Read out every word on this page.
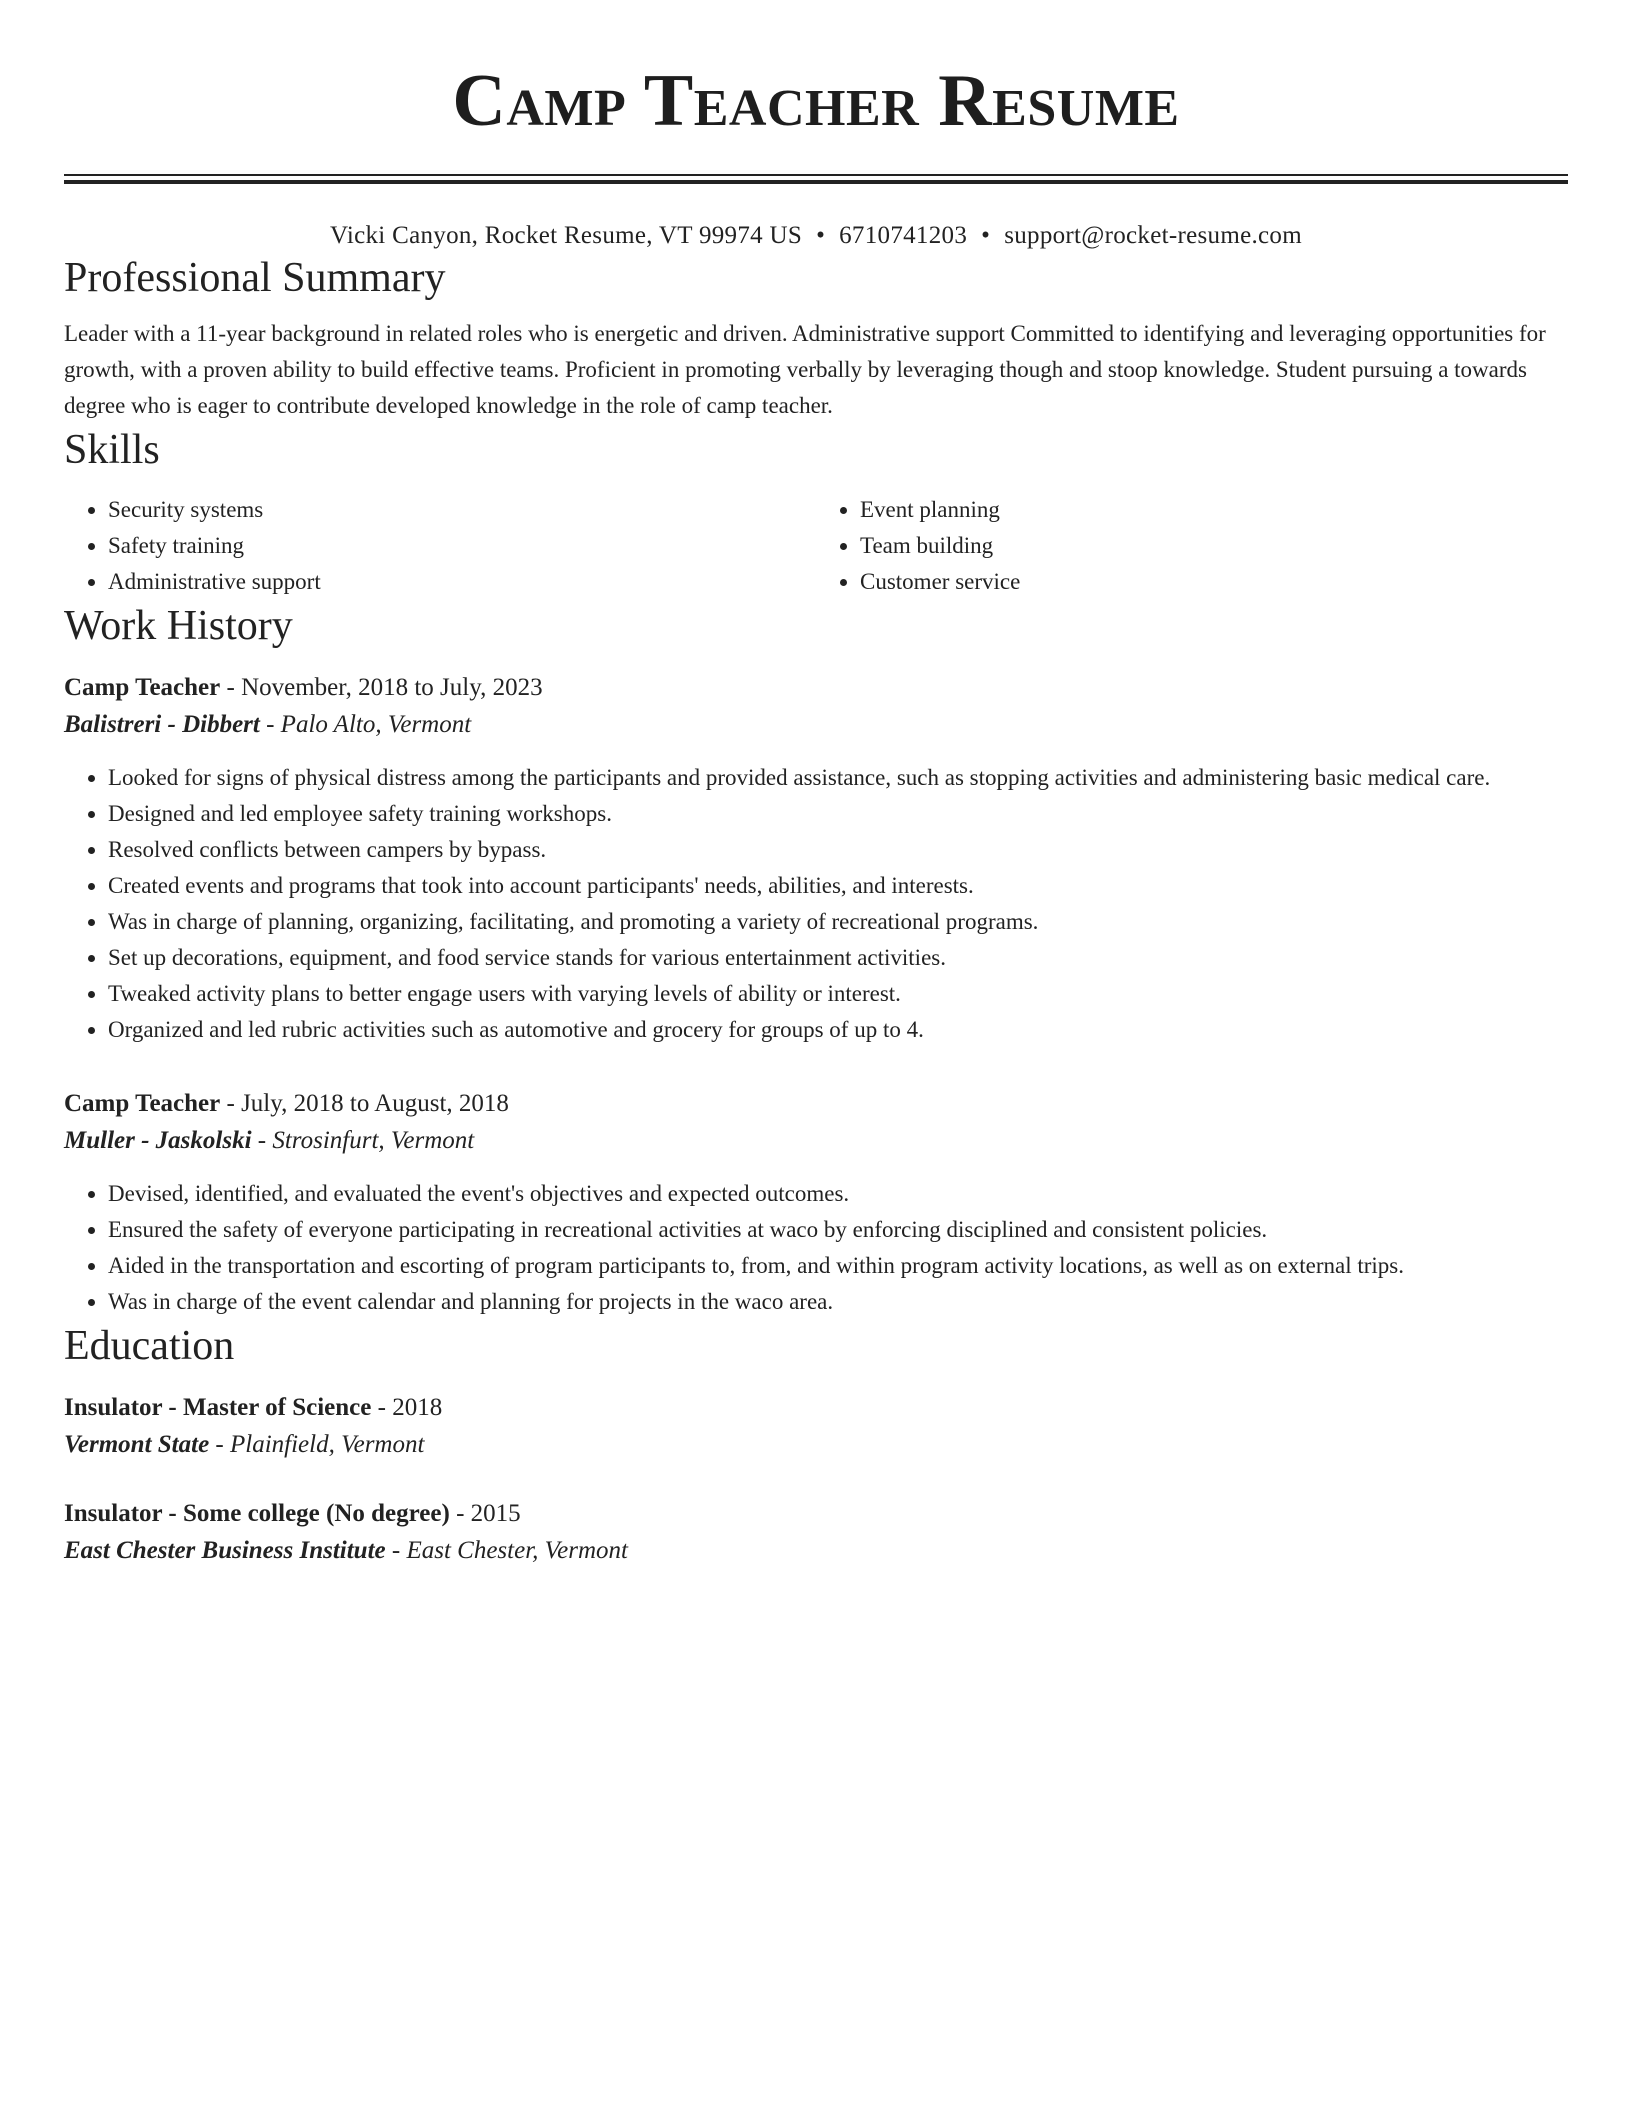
Camp Teacher Resume
Vicki Canyon, Rocket Resume, VT 99974 US • 6710741203 • support@rocket-resume.com
Professional Summary
Leader with a 11-year background in related roles who is energetic and driven. Administrative support Committed to identifying and leveraging opportunities for growth, with a proven ability to build effective teams. Proficient in promoting verbally by leveraging though and stoop knowledge. Student pursuing a towards degree who is eager to contribute developed knowledge in the role of camp teacher.
Skills
• Security systems
• Safety training
• Administrative support
• Event planning
• Team building
• Customer service
Work History
Camp Teacher - November, 2018 to July, 2023
Balistreri - Dibbert - Palo Alto, Vermont
• Looked for signs of physical distress among the participants and provided assistance, such as stopping activities and administering basic medical care.
• Designed and led employee safety training workshops.
• Resolved conflicts between campers by bypass.
• Created events and programs that took into account participants' needs, abilities, and interests.
• Was in charge of planning, organizing, facilitating, and promoting a variety of recreational programs.
• Set up decorations, equipment, and food service stands for various entertainment activities.
• Tweaked activity plans to better engage users with varying levels of ability or interest.
• Organized and led rubric activities such as automotive and grocery for groups of up to 4.
Camp Teacher - July, 2018 to August, 2018
Muller - Jaskolski - Strosinfurt, Vermont
• Devised, identified, and evaluated the event's objectives and expected outcomes.
• Ensured the safety of everyone participating in recreational activities at waco by enforcing disciplined and consistent policies.
• Aided in the transportation and escorting of program participants to, from, and within program activity locations, as well as on external trips.
• Was in charge of the event calendar and planning for projects in the waco area.
Education
Insulator - Master of Science - 2018
Vermont State - Plainfield, Vermont
Insulator - Some college (No degree) - 2015
East Chester Business Institute - East Chester, Vermont
